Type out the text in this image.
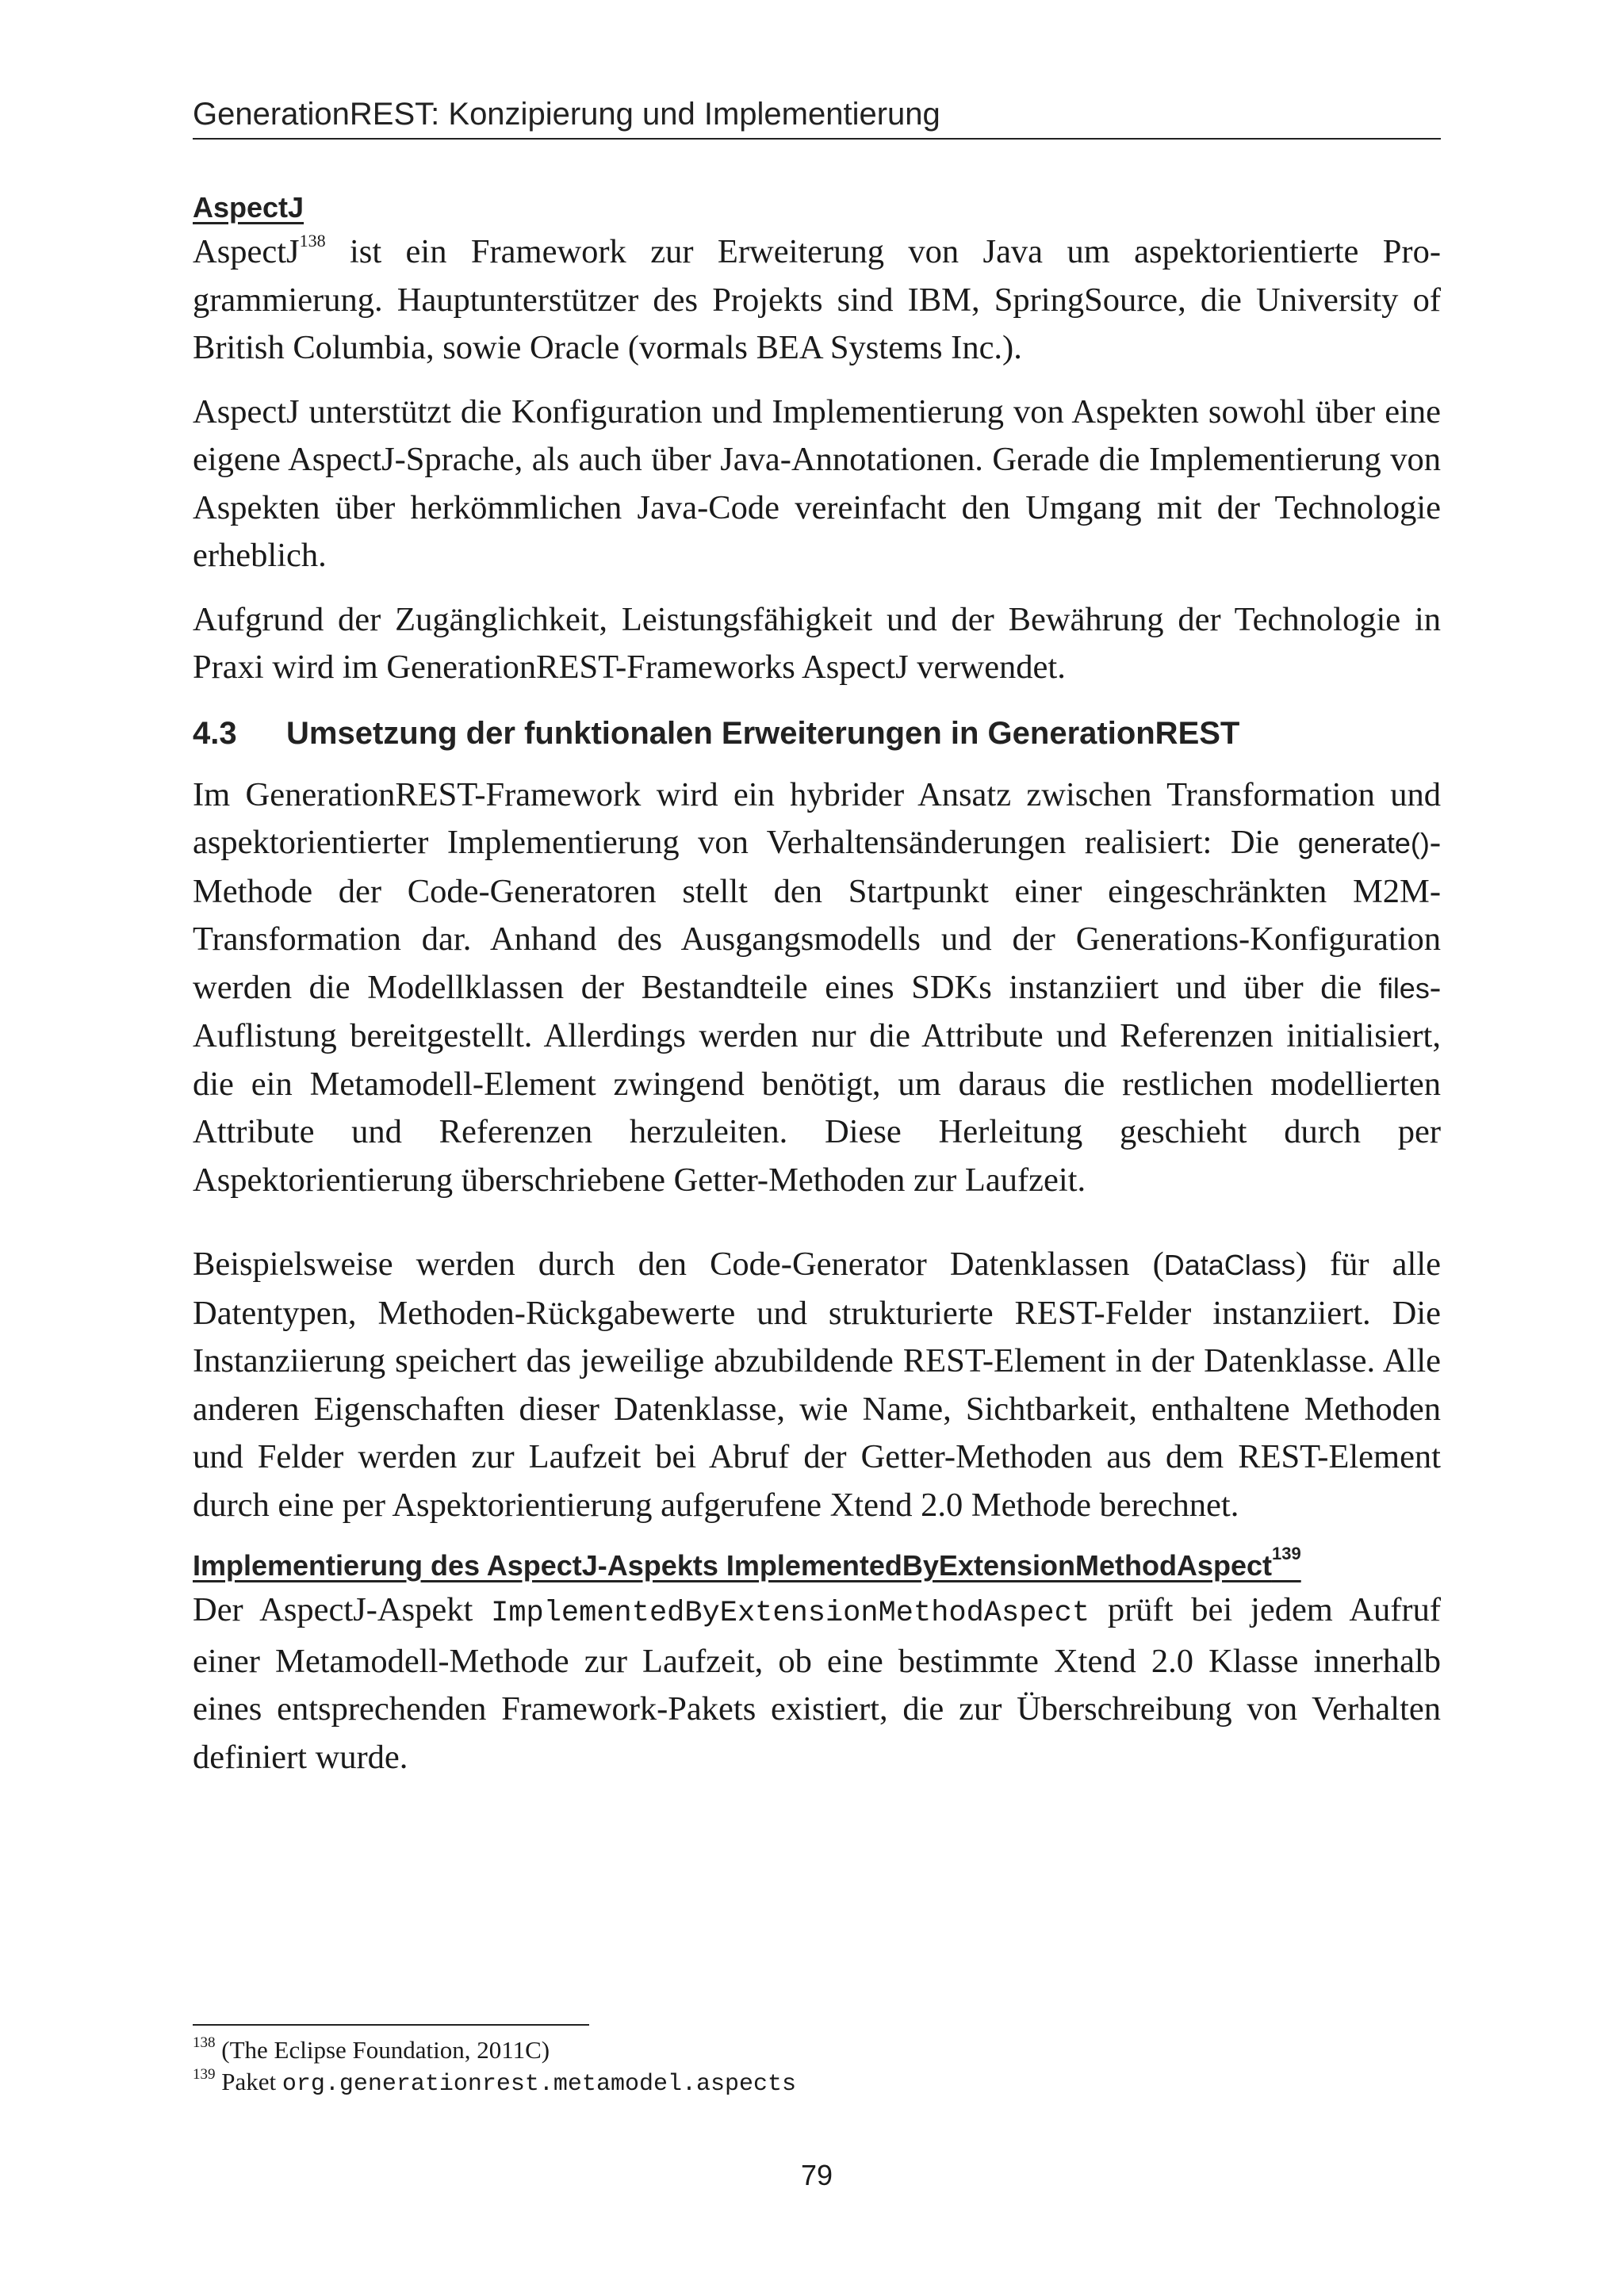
GenerationREST: Konzipierung und Implementierung
AspectJ

AspectJ$^{138}$ ist ein Framework zur Erweiterung von Java um aspektorientierte Programmierung. Hauptunterstützer des Projekts sind IBM, SpringSource, die University of British Columbia, sowie Oracle (vormals BEA Systems Inc.).

AspectJ unterstützt die Konfiguration und Implementierung von Aspekten sowohl über eine eigene AspectJ-Sprache, als auch über Java-Annotationen. Gerade die Implementierung von Aspekten über herkömmlichen Java-Code vereinfacht den Umgang mit der Technologie erheblich.

Aufgrund der Zugänglichkeit, Leistungsfähigkeit und der Bewährung der Technologie in Praxi wird im GenerationREST-Frameworks AspectJ verwendet.

4.3	Umsetzung der funktionalen Erweiterungen in GenerationREST

Im GenerationREST-Framework wird ein hybrider Ansatz zwischen Transformation und aspektorientierter Implementierung von Verhaltensänderungen realisiert: Die generate()-Methode der Code-Generatoren stellt den Startpunkt einer eingeschränkten M2M-Transformation dar. Anhand des Ausgangsmodells und der Generations-Konfiguration werden die Modellklassen der Bestandteile eines SDKs instanziiert und über die files-Auflistung bereitgestellt. Allerdings werden nur die Attribute und Referenzen initialisiert, die ein Metamodell-Element zwingend benötigt, um daraus die restlichen modellierten Attribute und Referenzen herzuleiten. Diese Herleitung geschieht durch per Aspektorientierung überschriebene Getter-Methoden zur Laufzeit.

Beispielsweise werden durch den Code-Generator Datenklassen (DataClass) für alle Datentypen, Methoden-Rückgabewerte und strukturierte REST-Felder instanziiert. Die Instanziierung speichert das jeweilige abzubildende REST-Element in der Datenklasse. Alle anderen Eigenschaften dieser Datenklasse, wie Name, Sichtbarkeit, enthaltene Methoden und Felder werden zur Laufzeit bei Abruf der Getter-Methoden aus dem REST-Element durch eine per Aspektorientierung aufgerufene Xtend 2.0 Methode berechnet.

Implementierung des AspectJ-Aspekts ImplementedByExtensionMethodAspect$^{139}$

Der AspectJ-Aspekt ImplementedByExtensionMethodAspect prüft bei jedem Aufruf einer Metamodell-Methode zur Laufzeit, ob eine bestimmte Xtend 2.0 Klasse innerhalb eines entsprechenden Framework-Pakets existiert, die zur Überschreibung von Verhalten definiert wurde.

$^{138}$ (The Eclipse Foundation, 2011C)
$^{139}$ Paket org.generationrest.metamodel.aspects
79
